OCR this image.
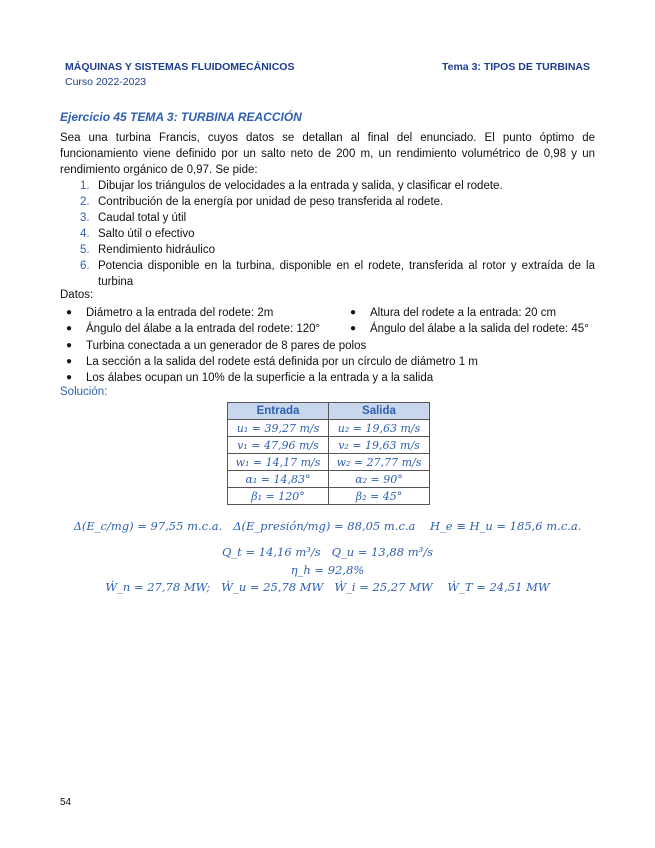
MÁQUINAS Y SISTEMAS FLUIDOMECÁNICOS	Tema 3: TIPOS DE TURBINAS
Curso 2022-2023
Ejercicio 45 TEMA 3: TURBINA REACCIÓN
Sea una turbina Francis, cuyos datos se detallan al final del enunciado. El punto óptimo de funcionamiento viene definido por un salto neto de 200 m, un rendimiento volumétrico de 0,98 y un rendimiento orgánico de 0,97. Se pide:
1. Dibujar los triángulos de velocidades a la entrada y salida, y clasificar el rodete.
2. Contribución de la energía por unidad de peso transferida al rodete.
3. Caudal total y útil
4. Salto útil o efectivo
5. Rendimiento hidráulico
6. Potencia disponible en la turbina, disponible en el rodete, transferida al rotor y extraída de la turbina
Datos:
● Diámetro a la entrada del rodete: 2m	● Altura del rodete a la entrada: 20 cm
● Ángulo del álabe a la entrada del rodete: 120°	● Ángulo del álabe a la salida del rodete: 45°
● Turbina conectada a un generador de 8 pares de polos
● La sección a la salida del rodete está definida por un círculo de diámetro 1 m
● Los álabes ocupan un 10% de la superficie a la entrada y a la salida
Solución:
Entrada	Salida
u₁ = 39,27 m/s	u₂ = 19,63 m/s
v₁ = 47,96 m/s	v₂ = 19,63 m/s
w₁ = 14,17 m/s	w₂ = 27,77 m/s
α₁ = 14,83°	α₂ = 90°
β₁ = 120°	β₂ = 45°
Δ(E_c/mg) = 97,55 m.c.a.   Δ(E_presión/mg) = 88,05 m.c.a    H_e ≡ H_u = 185,6 m.c.a.
Q_t = 14,16 m³/s   Q_u = 13,88 m³/s
η_h = 92,8%
Ẇ_n = 27,78 MW;   Ẇ_u = 25,78 MW   Ẇ_i = 25,27 MW    Ẇ_T = 24,51 MW
54
